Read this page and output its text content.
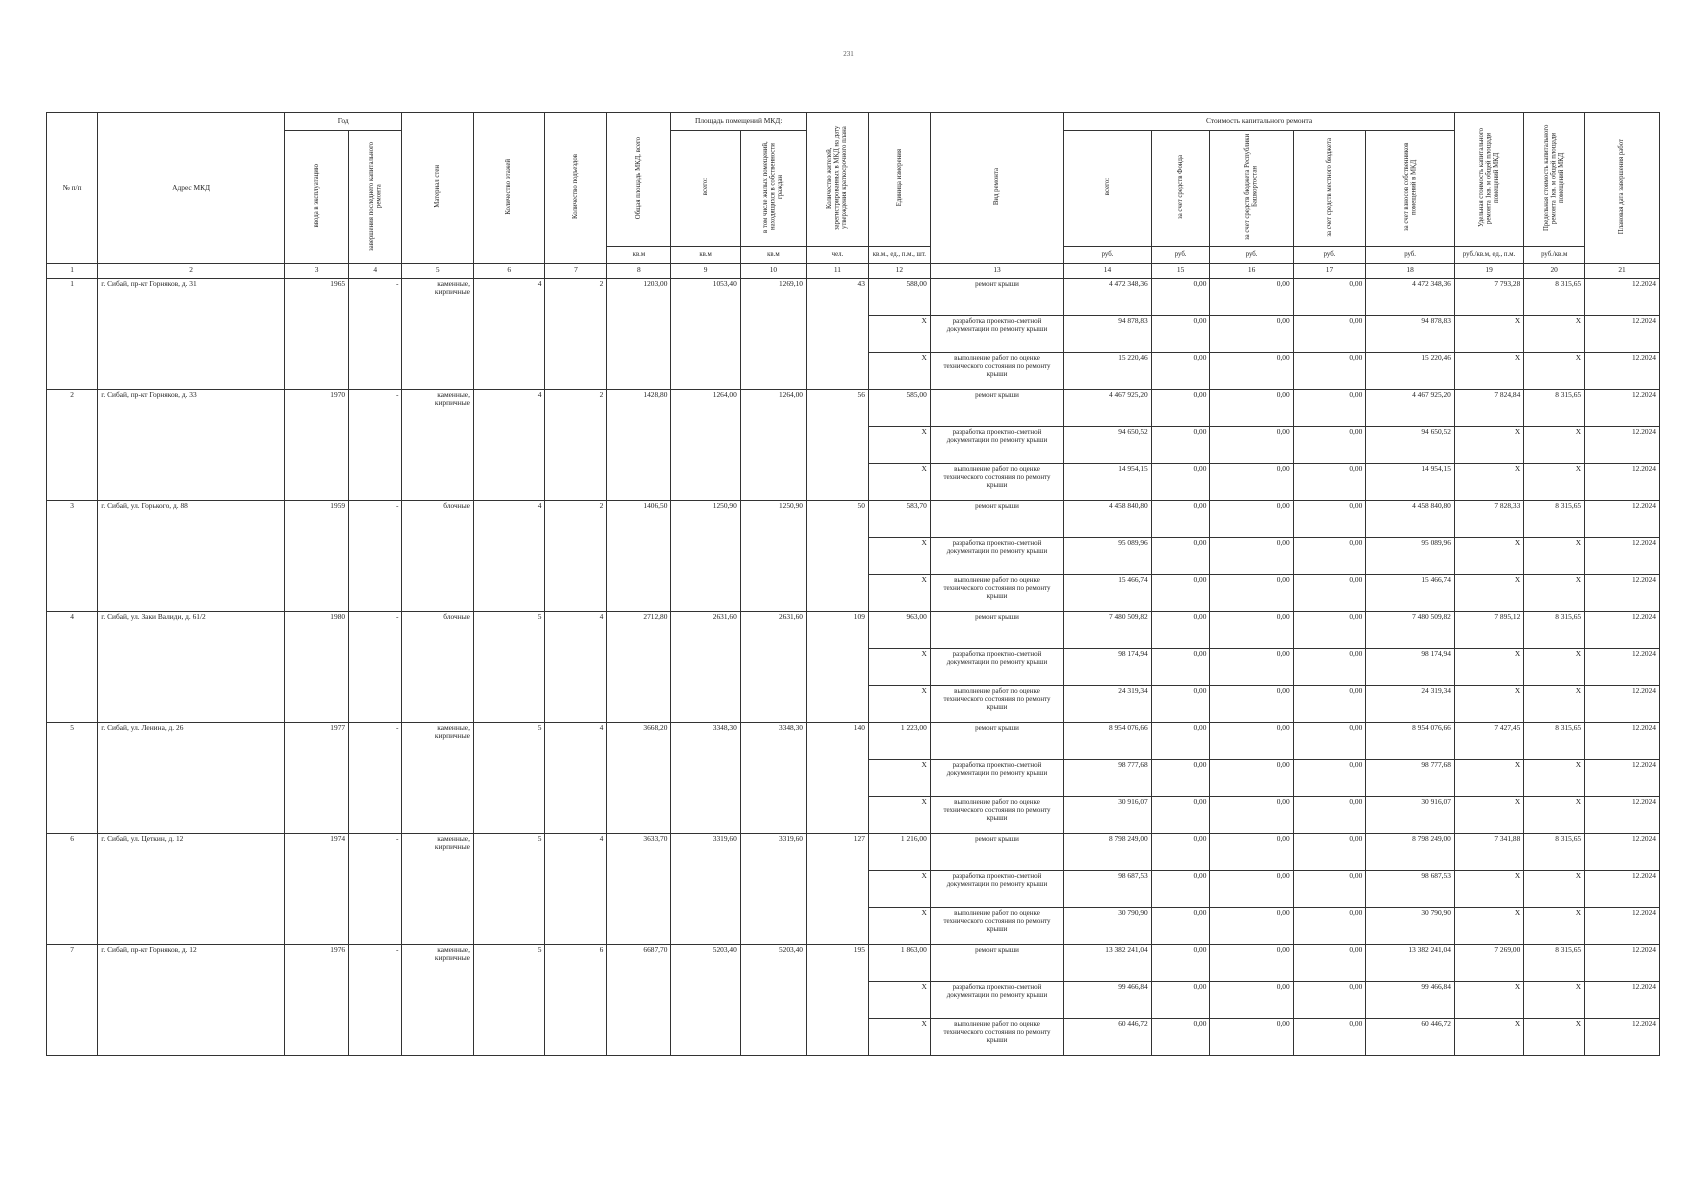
231
№ п/п	Адрес МКД	Год		Материал стен	Количество этажей	Количество подъездов	Общая площадь МКД, всего	Площадь помещений МКД:		Количество жителей, зарегистрированных в МКД на дату утверждения краткосрочного плана	Единица измерения	Вид ремонта	Стоимость капитального ремонта					Удельная стоимость капитального ремонта 1кв. м общей площади помещений МКД	Предельная стоимость капитального ремонта 1кв. м общей площади помещений МКД	Плановая дата завершения работ
		ввода в эксплуатацию	завершения последнего капитального ремонта					всего:	в том числе жилых помещений, находящихся в собственности граждан				всего:	за счет средств Фонда	за счет средств бюджета Республики Башкортостан	за счет средств местного бюджета	за счет взносов собственников помещений в МКД			
							кв.м	кв.м	кв.м	чел.	кв.м., ед., п.м., шт.		руб.	руб.	руб.	руб.	руб.	руб./кв.м, ед., п.м.	руб./кв.м	
1	2	3	4	5	6	7	8	9	10	11	12	13	14	15	16	17	18	19	20	21
1	г. Сибай, пр-кт Горняков, д. 31	1965	-	каменные, кирпичные	4	2	1203,00	1053,40	1269,10	43	588,00	ремонт крыши	4 472 348,36	0,00	0,00	0,00	4 472 348,36	7 793,28	8 315,65	12.2024
											X	разработка проектно-сметной документации по ремонту крыши	94 878,83	0,00	0,00	0,00	94 878,83	X	X	12.2024
											X	выполнение работ по оценке технического состояния по ремонту крыши	15 220,46	0,00	0,00	0,00	15 220,46	X	X	12.2024
2	г. Сибай, пр-кт Горняков, д. 33	1970	-	каменные, кирпичные	4	2	1428,80	1264,00	1264,00	56	585,00	ремонт крыши	4 467 925,20	0,00	0,00	0,00	4 467 925,20	7 824,84	8 315,65	12.2024
											X	разработка проектно-сметной документации по ремонту крыши	94 650,52	0,00	0,00	0,00	94 650,52	X	X	12.2024
											X	выполнение работ по оценке технического состояния по ремонту крыши	14 954,15	0,00	0,00	0,00	14 954,15	X	X	12.2024
3	г. Сибай, ул. Горького, д. 88	1959	-	блочные	4	2	1406,50	1250,90	1250,90	50	583,70	ремонт крыши	4 458 840,80	0,00	0,00	0,00	4 458 840,80	7 828,33	8 315,65	12.2024
											X	разработка проектно-сметной документации по ремонту крыши	95 089,96	0,00	0,00	0,00	95 089,96	X	X	12.2024
											X	выполнение работ по оценке технического состояния по ремонту крыши	15 466,74	0,00	0,00	0,00	15 466,74	X	X	12.2024
4	г. Сибай, ул. Заки Валиди, д. 61/2	1980	-	блочные	5	4	2712,80	2631,60	2631,60	109	963,00	ремонт крыши	7 480 509,82	0,00	0,00	0,00	7 480 509,82	7 895,12	8 315,65	12.2024
											X	разработка проектно-сметной документации по ремонту крыши	98 174,94	0,00	0,00	0,00	98 174,94	X	X	12.2024
											X	выполнение работ по оценке технического состояния по ремонту крыши	24 319,34	0,00	0,00	0,00	24 319,34	X	X	12.2024
5	г. Сибай, ул. Ленина, д. 26	1977	-	каменные, кирпичные	5	4	3668,20	3348,30	3348,30	140	1 223,00	ремонт крыши	8 954 076,66	0,00	0,00	0,00	8 954 076,66	7 427,45	8 315,65	12.2024
											X	разработка проектно-сметной документации по ремонту крыши	98 777,68	0,00	0,00	0,00	98 777,68	X	X	12.2024
											X	выполнение работ по оценке технического состояния по ремонту крыши	30 916,07	0,00	0,00	0,00	30 916,07	X	X	12.2024
6	г. Сибай, ул. Цеткин, д. 12	1974	-	каменные, кирпичные	5	4	3633,70	3319,60	3319,60	127	1 216,00	ремонт крыши	8 798 249,00	0,00	0,00	0,00	8 798 249,00	7 341,88	8 315,65	12.2024
											X	разработка проектно-сметной документации по ремонту крыши	98 687,53	0,00	0,00	0,00	98 687,53	X	X	12.2024
											X	выполнение работ по оценке технического состояния по ремонту крыши	30 790,90	0,00	0,00	0,00	30 790,90	X	X	12.2024
7	г. Сибай, пр-кт Горняков, д. 12	1976	-	каменные, кирпичные	5	6	6687,70	5203,40	5203,40	195	1 863,00	ремонт крыши	13 382 241,04	0,00	0,00	0,00	13 382 241,04	7 269,00	8 315,65	12.2024
											X	разработка проектно-сметной документации по ремонту крыши	99 466,84	0,00	0,00	0,00	99 466,84	X	X	12.2024
											X	выполнение работ по оценке технического состояния по ремонту крыши	60 446,72	0,00	0,00	0,00	60 446,72	X	X	12.2024
